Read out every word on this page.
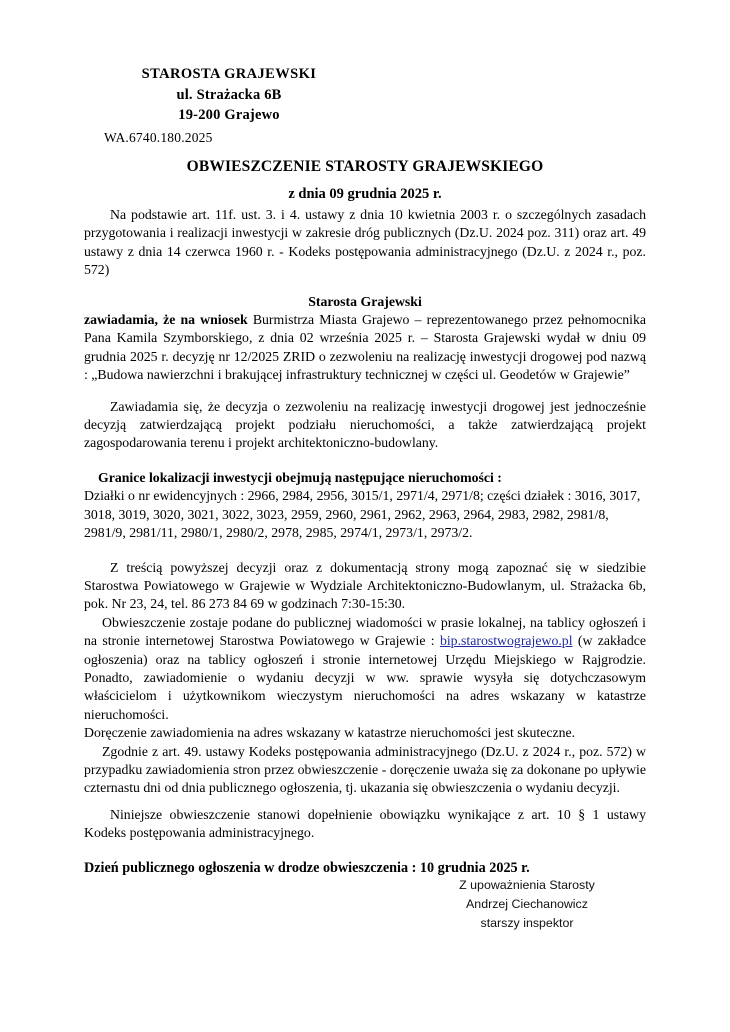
STAROSTA GRAJEWSKI
ul. Strażacka 6B
19-200 Grajewo
WA.6740.180.2025
OBWIESZCZENIE STAROSTY GRAJEWSKIEGO
z dnia 09 grudnia 2025 r.

Na podstawie art. 11f. ust. 3. i 4. ustawy z dnia 10 kwietnia 2003 r. o szczególnych zasadach przygotowania i realizacji inwestycji w zakresie dróg publicznych (Dz.U. 2024 poz. 311) oraz art. 49 ustawy z dnia 14 czerwca 1960 r. - Kodeks postępowania administracyjnego (Dz.U. z 2024 r., poz. 572)

Starosta Grajewski

zawiadamia, że na wniosek Burmistrza Miasta Grajewo – reprezentowanego przez pełnomocnika Pana Kamila Szymborskiego, z dnia 02 września 2025 r. – Starosta Grajewski wydał w dniu 09 grudnia 2025 r. decyzję nr 12/2025 ZRID o zezwoleniu na realizację inwestycji drogowej pod nazwą : „Budowa nawierzchni i brakującej infrastruktury technicznej w części ul. Geodetów w Grajewie”

Zawiadamia się, że decyzja o zezwoleniu na realizację inwestycji drogowej jest jednocześnie decyzją zatwierdzającą projekt podziału nieruchomości, a także zatwierdzającą projekt zagospodarowania terenu i projekt architektoniczno-budowlany.

Granice lokalizacji inwestycji obejmują następujące nieruchomości :
Działki o nr ewidencyjnych : 2966, 2984, 2956, 3015/1, 2971/4, 2971/8; części działek : 3016, 3017, 3018, 3019, 3020, 3021, 3022, 3023, 2959, 2960, 2961, 2962, 2963, 2964, 2983, 2982, 2981/8, 2981/9, 2981/11, 2980/1, 2980/2, 2978, 2985, 2974/1, 2973/1, 2973/2.

Z treścią powyższej decyzji oraz z dokumentacją strony mogą zapoznać się w siedzibie Starostwa Powiatowego w Grajewie w Wydziale Architektoniczno-Budowlanym, ul. Strażacka 6b, pok. Nr 23, 24, tel. 86 273 84 69 w godzinach 7:30-15:30.

Obwieszczenie zostaje podane do publicznej wiadomości w prasie lokalnej, na tablicy ogłoszeń i na stronie internetowej Starostwa Powiatowego w Grajewie : bip.starostwograjewo.pl (w zakładce ogłoszenia) oraz na tablicy ogłoszeń i stronie internetowej Urzędu Miejskiego w Rajgrodzie. Ponadto, zawiadomienie o wydaniu decyzji w ww. sprawie wysyła się dotychczasowym właścicielom i użytkownikom wieczystym nieruchomości na adres wskazany w katastrze nieruchomości.

Doręczenie zawiadomienia na adres wskazany w katastrze nieruchomości jest skuteczne.

Zgodnie z art. 49. ustawy Kodeks postępowania administracyjnego (Dz.U. z 2024 r., poz. 572) w przypadku zawiadomienia stron przez obwieszczenie - doręczenie uważa się za dokonane po upływie czternastu dni od dnia publicznego ogłoszenia, tj. ukazania się obwieszczenia o wydaniu decyzji.

Niniejsze obwieszczenie stanowi dopełnienie obowiązku wynikające z art. 10 § 1 ustawy Kodeks postępowania administracyjnego.

Dzień publicznego ogłoszenia w drodze obwieszczenia : 10 grudnia 2025 r.

Z upoważnienia Starosty
Andrzej Ciechanowicz
starszy inspektor
